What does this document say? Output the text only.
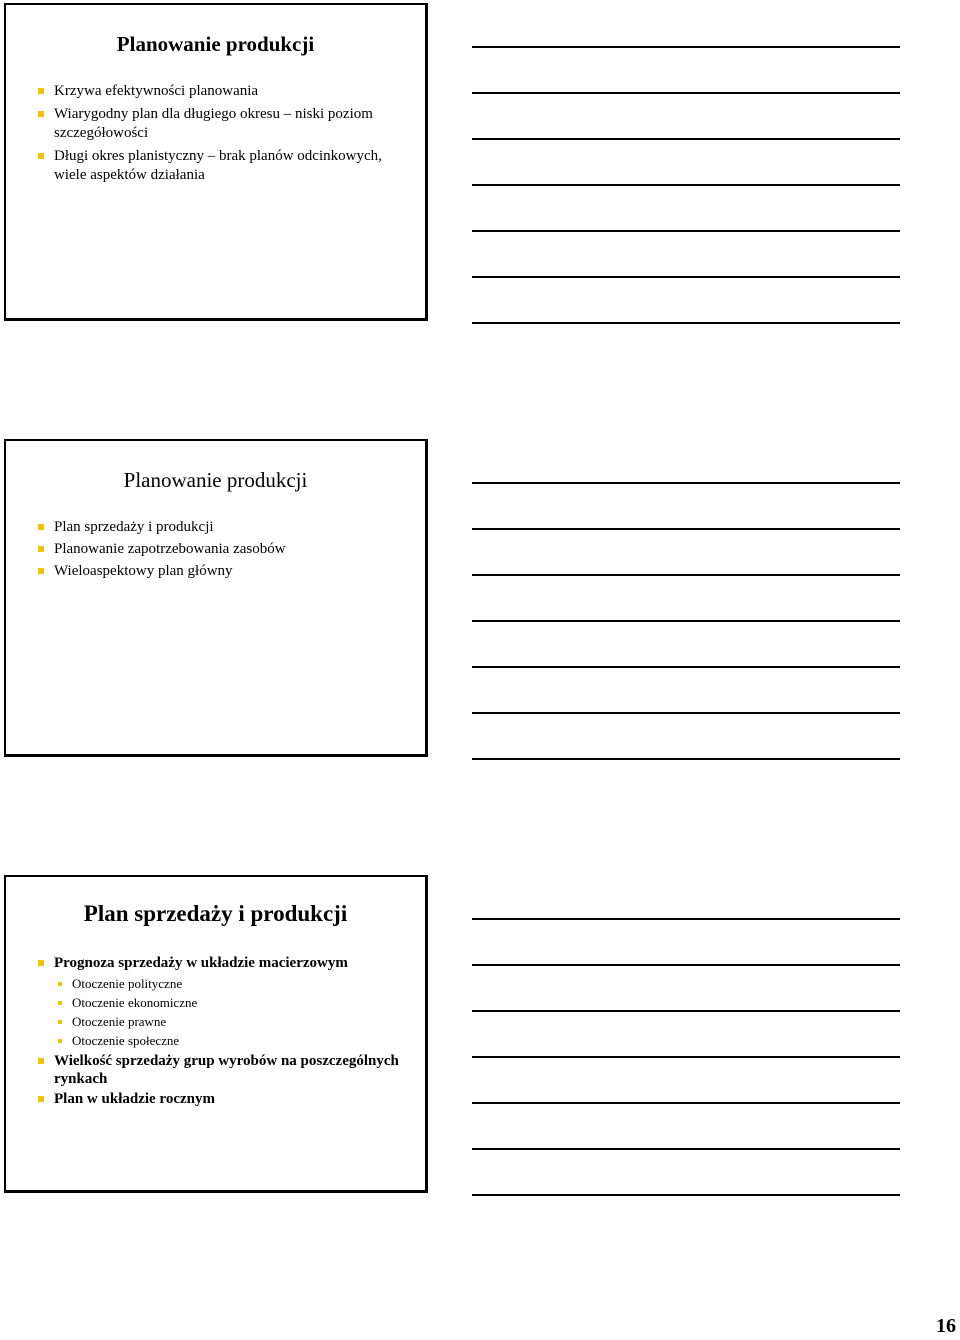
Planowanie produkcji
Krzywa efektywności planowania
Wiarygodny plan dla długiego okresu – niski poziom szczegółowości
Długi okres planistyczny – brak planów odcinkowych, wiele aspektów działania
Planowanie produkcji
Plan sprzedaży i produkcji
Planowanie zapotrzebowania zasobów
Wieloaspektowy plan główny
Plan sprzedaży i produkcji
Prognoza sprzedaży w układzie macierzowym
Otoczenie polityczne
Otoczenie ekonomiczne
Otoczenie prawne
Otoczenie społeczne
Wielkość sprzedaży grup wyrobów na poszczególnych rynkach
Plan w układzie rocznym
16
